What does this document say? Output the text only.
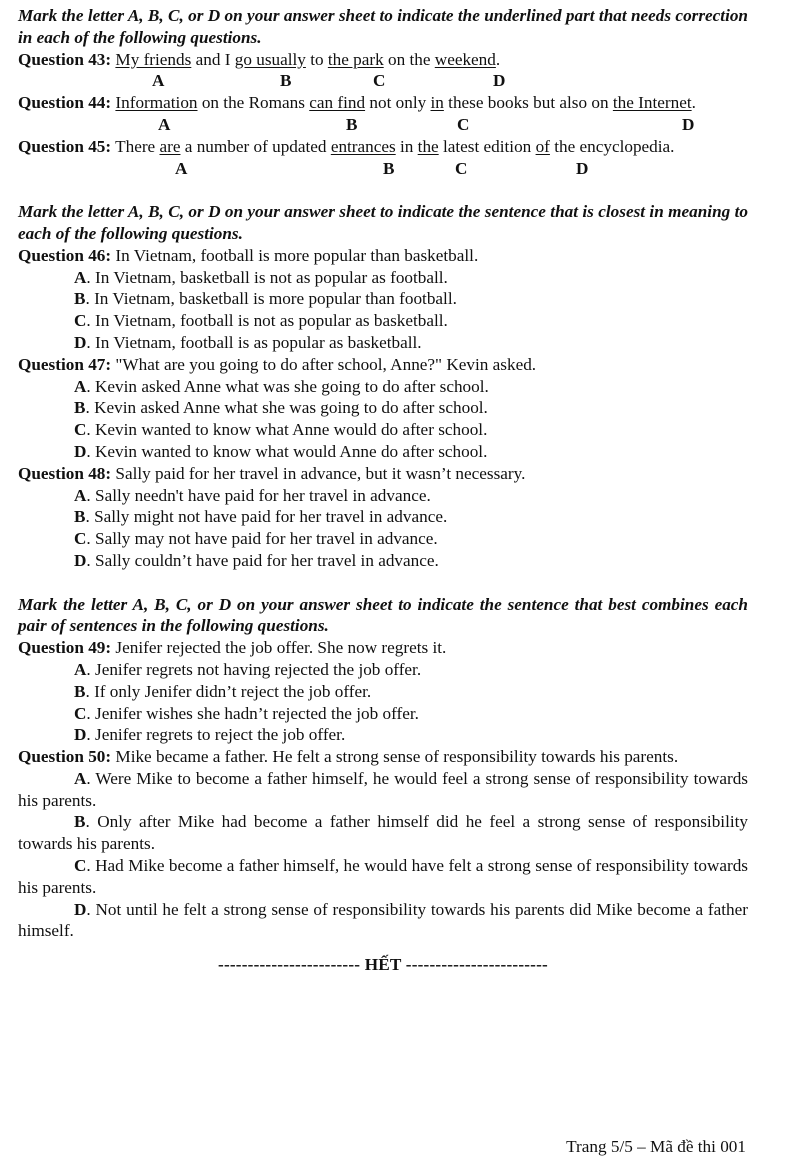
Mark the letter A, B, C, or D on your answer sheet to indicate the underlined part that needs correction in each of the following questions.
Question 43: My friends and I go usually to the park on the weekend.
A	B	C	D
Question 44: Information on the Romans can find not only in these books but also on the Internet.
A	B	C	D
Question 45: There are a number of updated entrances in the latest edition of the encyclopedia.
A	B	C	D
Mark the letter A, B, C, or D on your answer sheet to indicate the sentence that is closest in meaning to each of the following questions.
Question 46: In Vietnam, football is more popular than basketball.
A. In Vietnam, basketball is not as popular as football.
B. In Vietnam, basketball is more popular than football.
C. In Vietnam, football is not as popular as basketball.
D. In Vietnam, football is as popular as basketball.
Question 47: "What are you going to do after school, Anne?" Kevin asked.
A. Kevin asked Anne what was she going to do after school.
B. Kevin asked Anne what she was going to do after school.
C. Kevin wanted to know what Anne would do after school.
D. Kevin wanted to know what would Anne do after school.
Question 48: Sally paid for her travel in advance, but it wasn’t necessary.
A. Sally needn't have paid for her travel in advance.
B. Sally might not have paid for her travel in advance.
C. Sally may not have paid for her travel in advance.
D. Sally couldn’t have paid for her travel in advance.
Mark the letter A, B, C, or D on your answer sheet to indicate the sentence that best combines each pair of sentences in the following questions.
Question 49: Jenifer rejected the job offer. She now regrets it.
A. Jenifer regrets not having rejected the job offer.
B. If only Jenifer didn’t reject the job offer.
C. Jenifer wishes she hadn’t rejected the job offer.
D. Jenifer regrets to reject the job offer.
Question 50: Mike became a father. He felt a strong sense of responsibility towards his parents.
A. Were Mike to become a father himself, he would feel a strong sense of responsibility towards his parents.
B. Only after Mike had become a father himself did he feel a strong sense of responsibility towards his parents.
C. Had Mike become a father himself, he would have felt a strong sense of responsibility towards his parents.
D. Not until he felt a strong sense of responsibility towards his parents did Mike become a father himself.
------------------------ HẾT ------------------------
Trang 5/5 – Mã đề thi 001
